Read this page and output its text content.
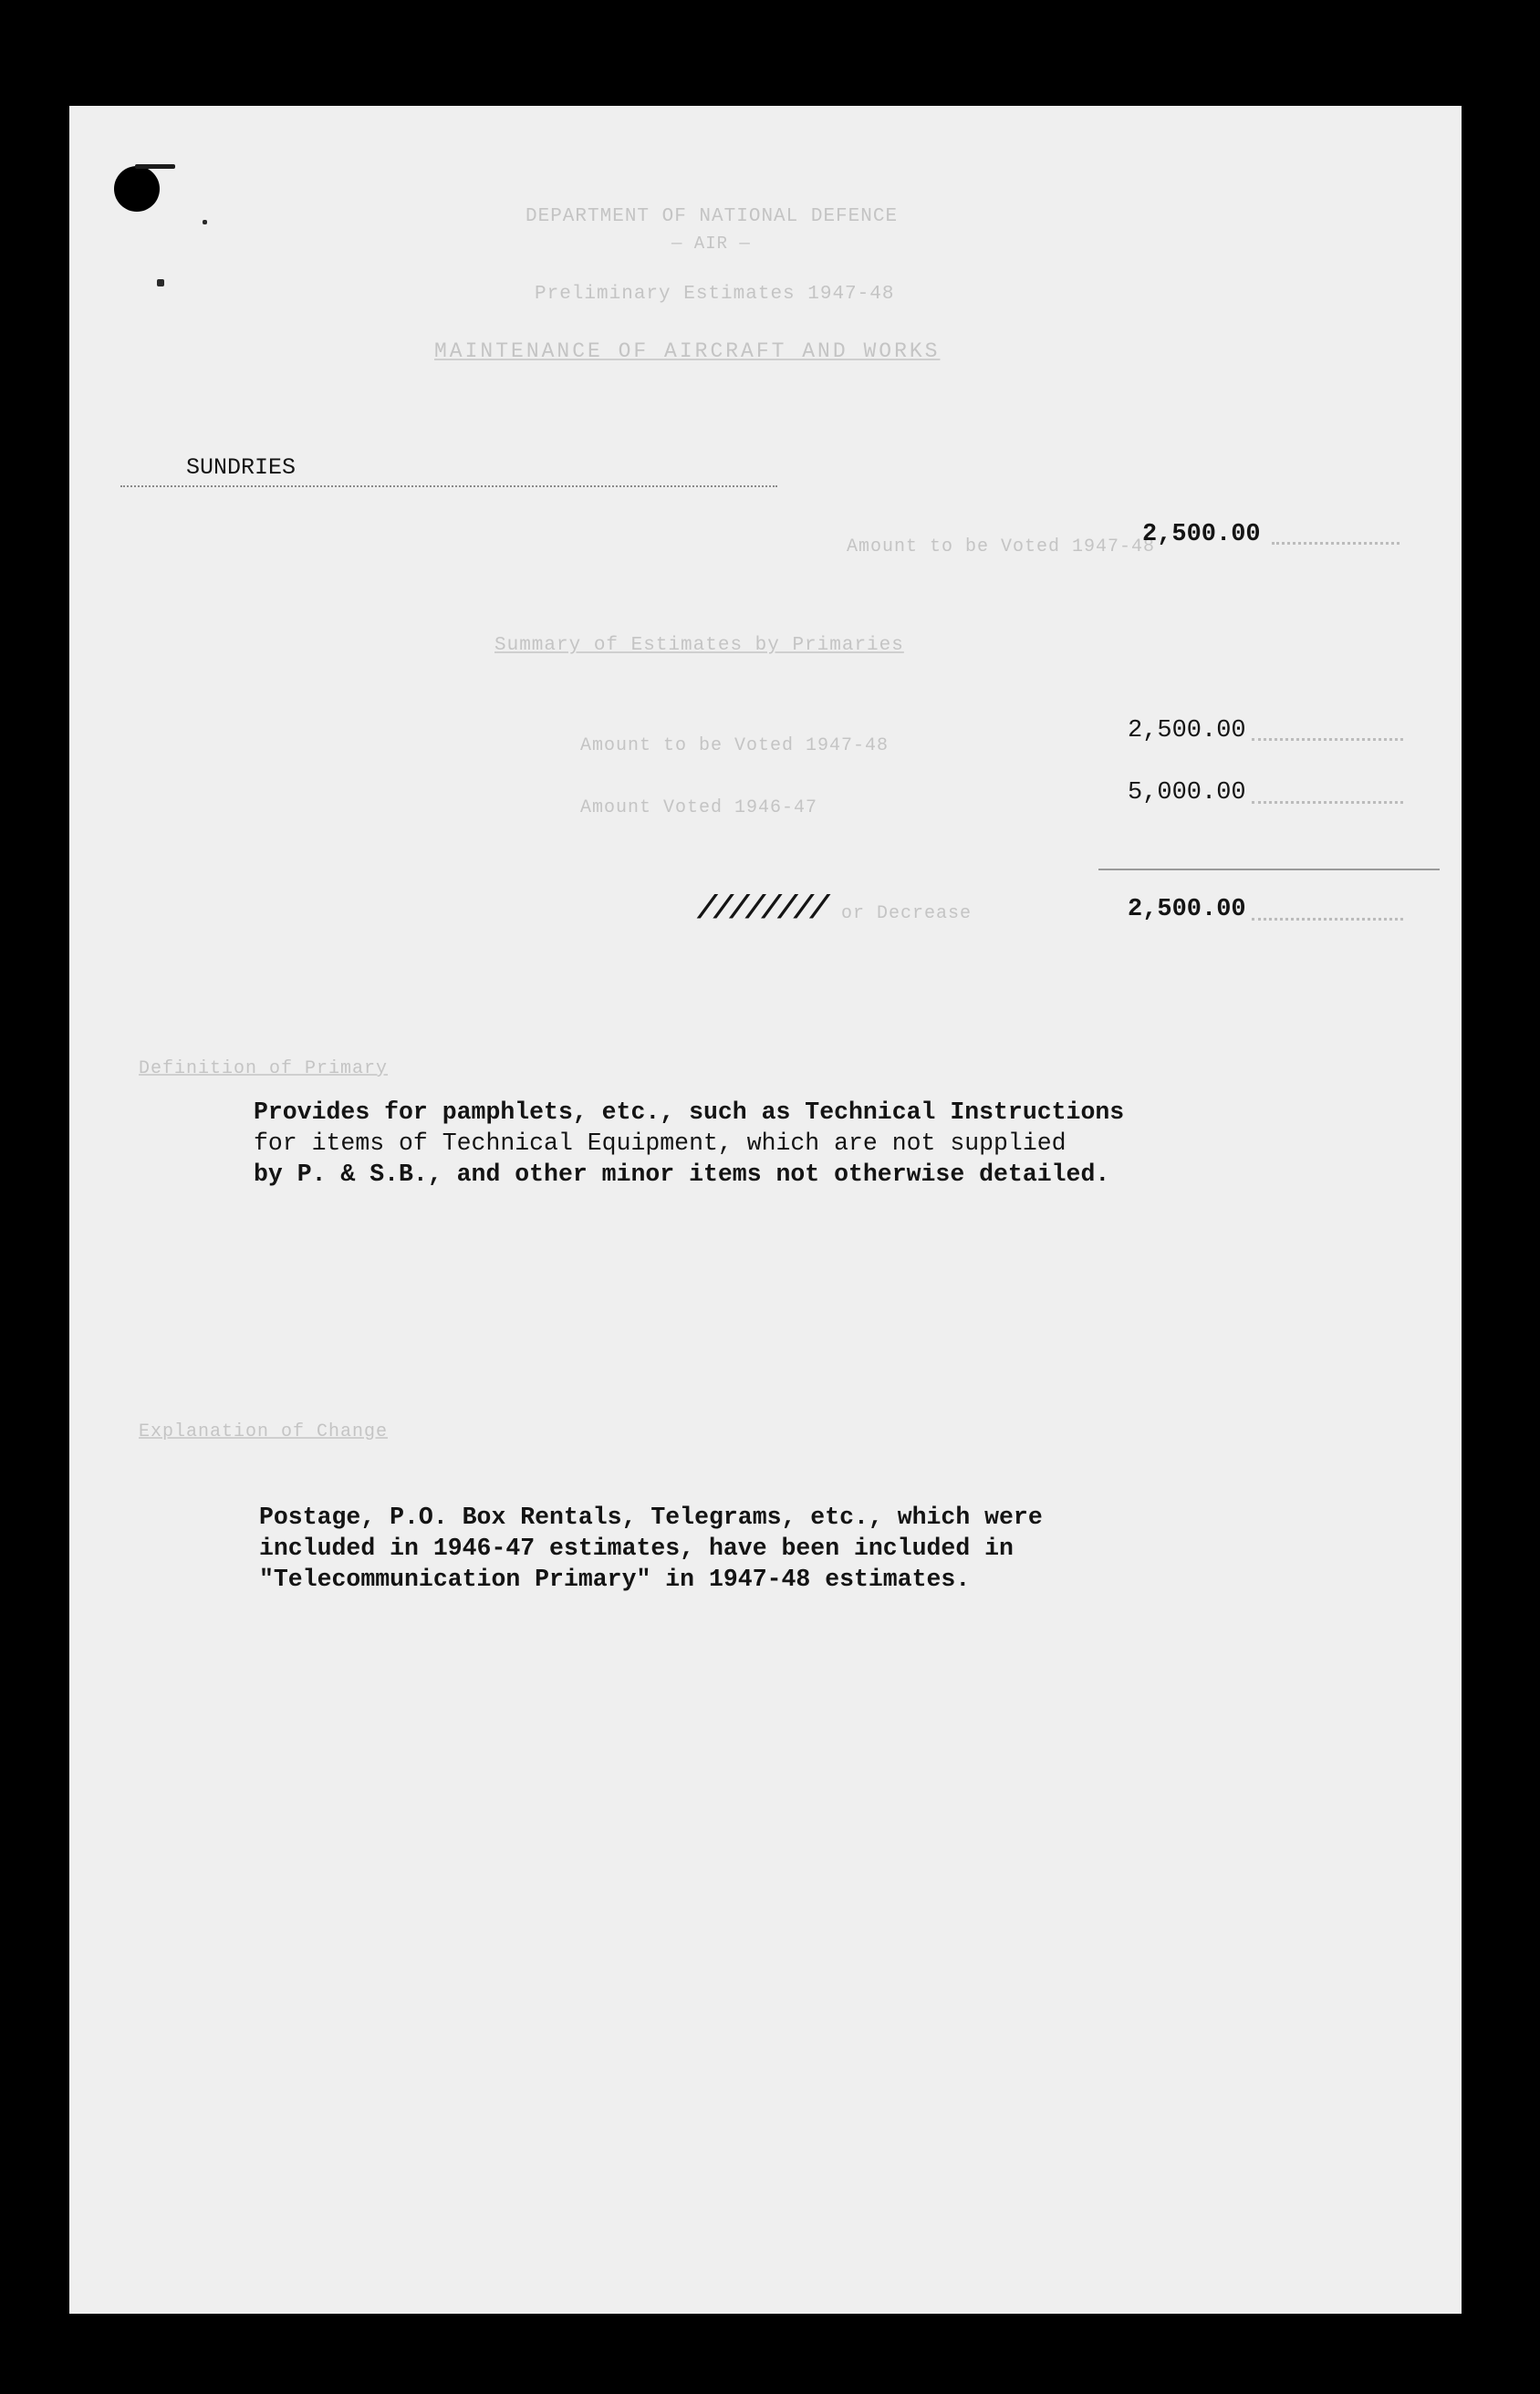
DEPARTMENT OF NATIONAL DEFENCE
— AIR —
Preliminary Estimates 1947-48
MAINTENANCE OF AIRCRAFT AND WORKS
SUNDRIES
Amount to be Voted 1947-48
2,500.00
Summary of Estimates by Primaries
Amount to be Voted 1947-48
2,500.00
Amount Voted 1946-47
5,000.00
//////// or Decrease	2,500.00
Definition of Primary
Provides for pamphlets, etc., such as Technical Instructions
for items of Technical Equipment, which are not supplied
by P. & S.B., and other minor items not otherwise detailed.
Explanation of Change
Postage, P.O. Box Rentals, Telegrams, etc., which were
included in 1946-47 estimates, have been included in
"Telecommunication Primary" in 1947-48 estimates.
